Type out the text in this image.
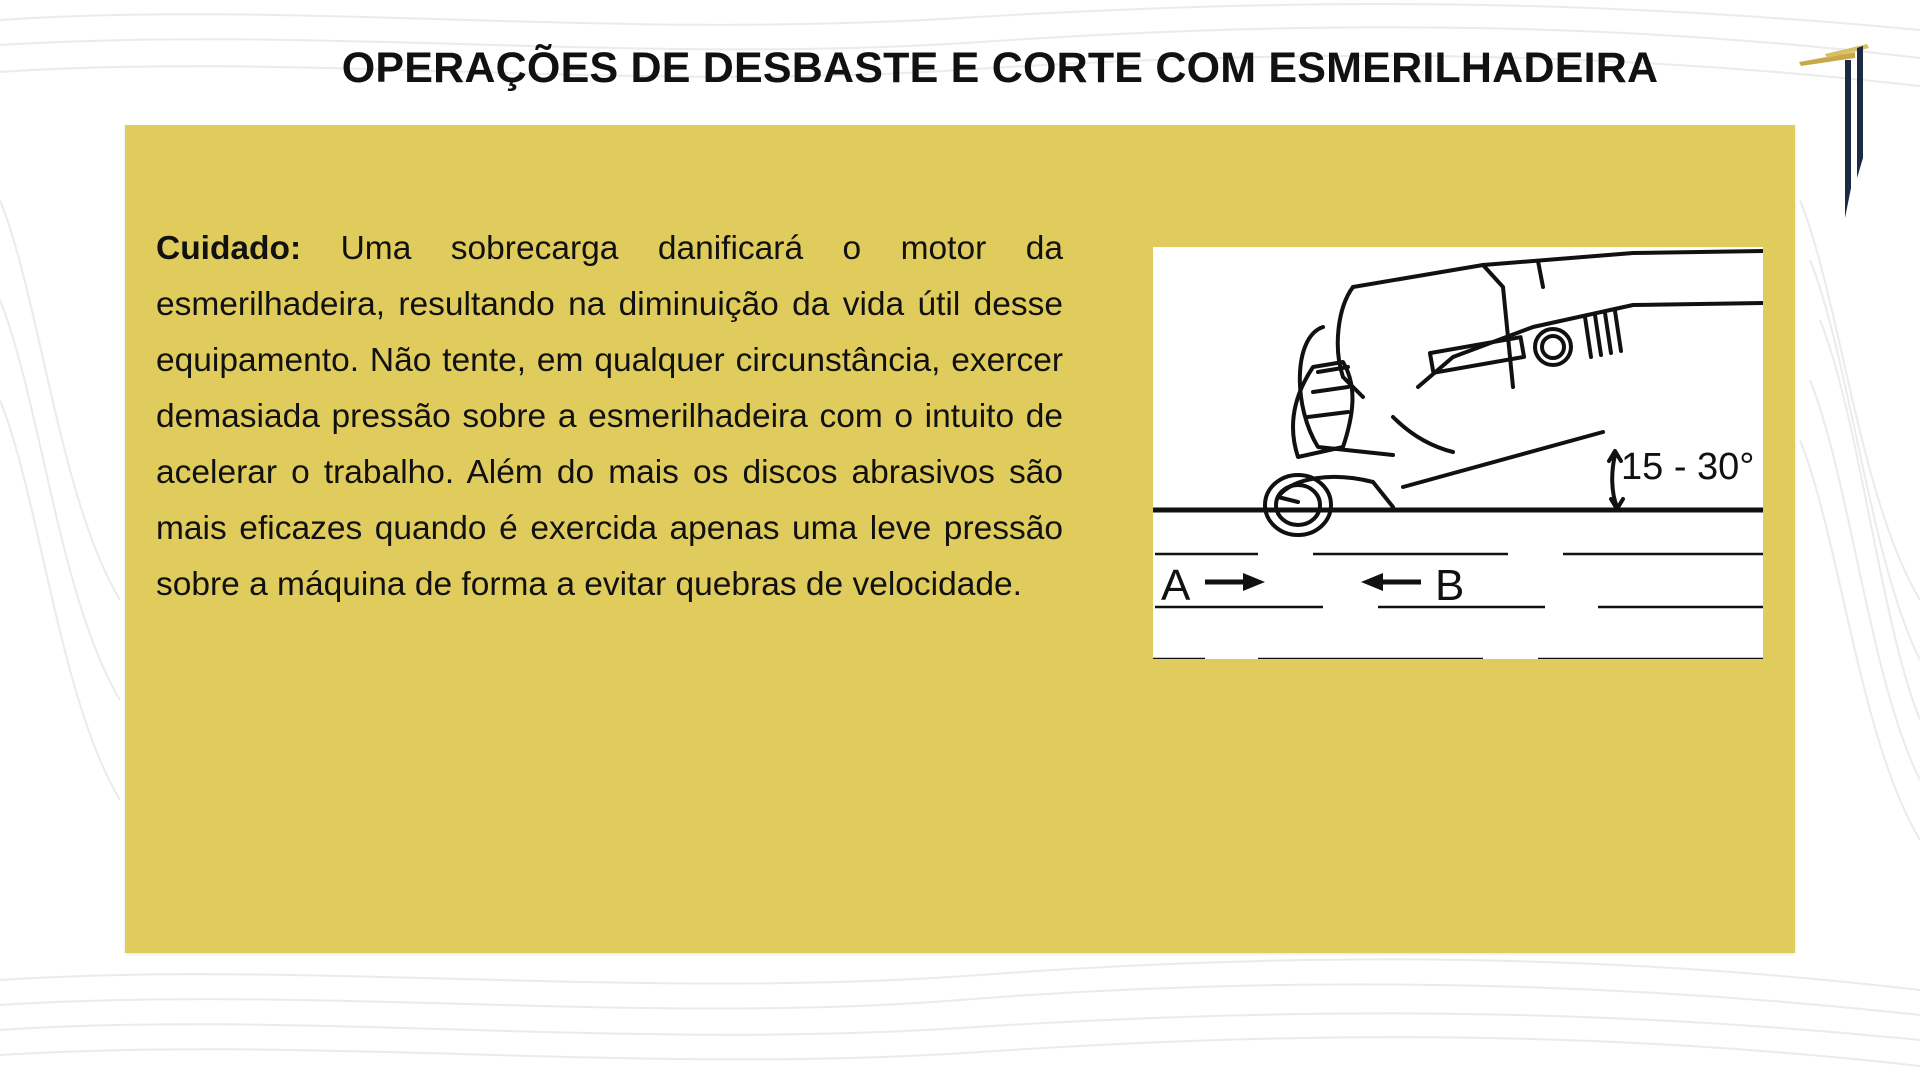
OPERAÇÕES DE DESBASTE E CORTE COM ESMERILHADEIRA

Cuidado: Uma sobrecarga danificará o motor da esmerilhadeira, resultando na diminuição da vida útil desse equipamento. Não tente, em qualquer circunstância, exercer demasiada pressão sobre a esmerilhadeira com o intuito de acelerar o trabalho. Além do mais os discos abrasivos são mais eficazes quando é exercida apenas uma leve pressão sobre a máquina de forma a evitar quebras de velocidade.

15 - 30°
A	B
